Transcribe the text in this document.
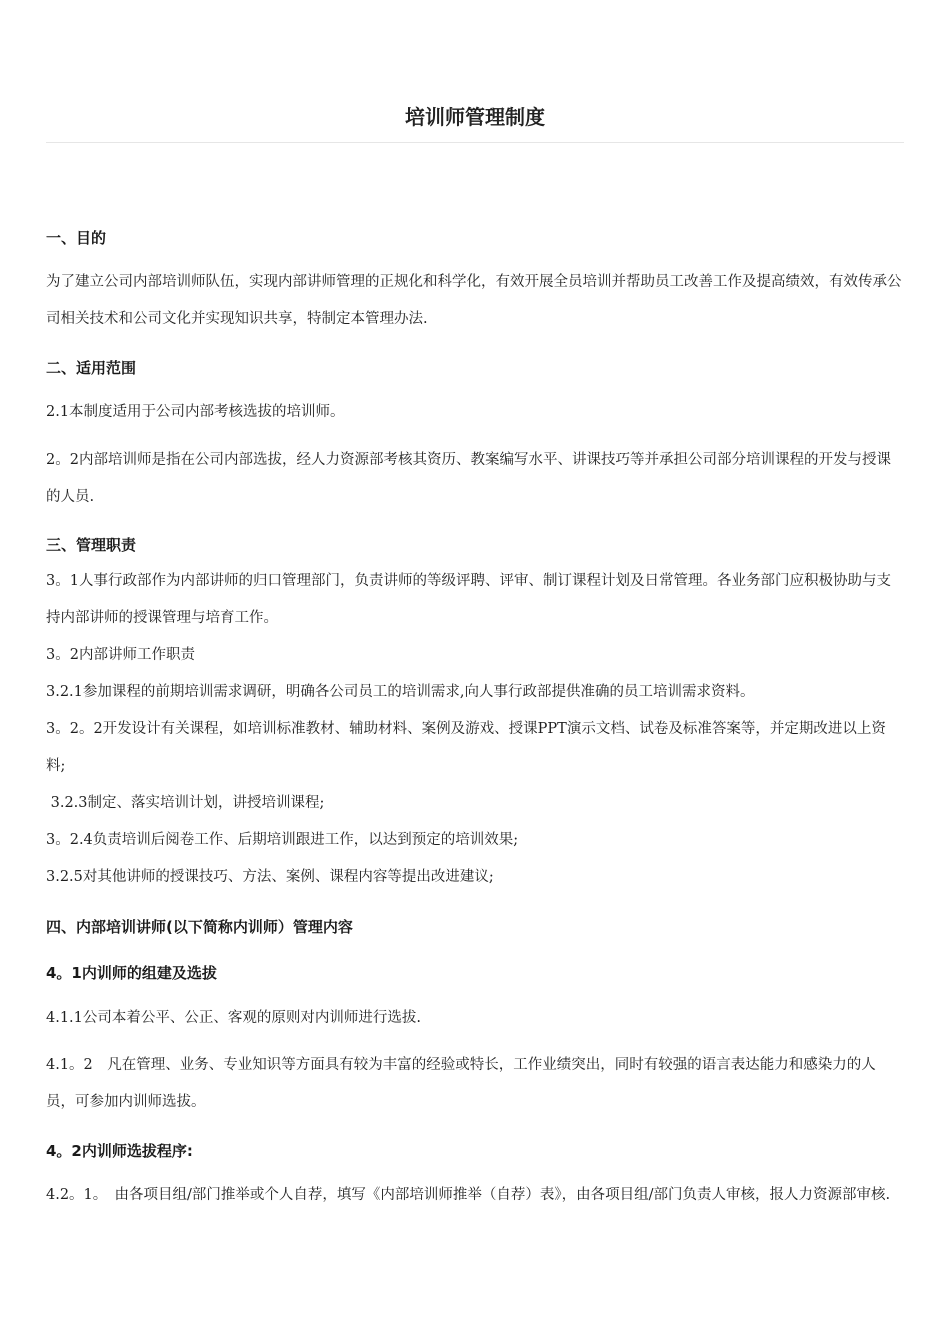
培训师管理制度
一、目的

为了建立公司内部培训师队伍，实现内部讲师管理的正规化和科学化，有效开展全员培训并帮助员工改善工作及提高绩效，有效传承公司相关技术和公司文化并实现知识共享，特制定本管理办法.

二、适用范围

2.1本制度适用于公司内部考核选拔的培训师。

2。2内部培训师是指在公司内部选拔，经人力资源部考核其资历、教案编写水平、讲课技巧等并承担公司部分培训课程的开发与授课的人员.

三、管理职责

3。1人事行政部作为内部讲师的归口管理部门，负责讲师的等级评聘、评审、制订课程计划及日常管理。各业务部门应积极协助与支持内部讲师的授课管理与培育工作。

3。2内部讲师工作职责

3.2.1参加课程的前期培训需求调研，明确各公司员工的培训需求,向人事行政部提供准确的员工培训需求资料。

3。2。2开发设计有关课程，如培训标准教材、辅助材料、案例及游戏、授课PPT演示文档、试卷及标准答案等，并定期改进以上资料;

3.2.3制定、落实培训计划，讲授培训课程;

3。2.4负责培训后阅卷工作、后期培训跟进工作，以达到预定的培训效果;

3.2.5对其他讲师的授课技巧、方法、案例、课程内容等提出改进建议;

四、内部培训讲师(以下简称内训师）管理内容
4。1内训师的组建及选拔

4.1.1公司本着公平、公正、客观的原则对内训师进行选拔.

4.1。2　凡在管理、业务、专业知识等方面具有较为丰富的经验或特长，工作业绩突出，同时有较强的语言表达能力和感染力的人员，可参加内训师选拔。

4。2内训师选拔程序:

4.2。1。　由各项目组/部门推举或个人自荐，填写《内部培训师推举（自荐）表》，由各项目组/部门负责人审核，报人力资源部审核.
